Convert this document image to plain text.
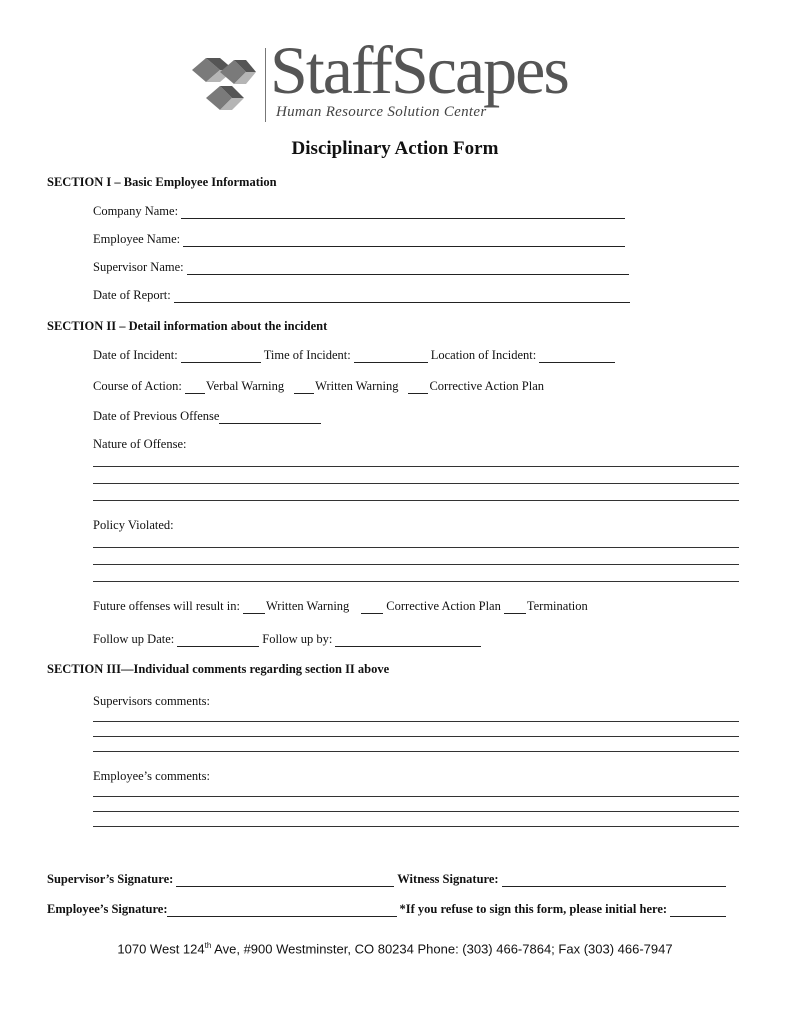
StaffScapes
Human Resource Solution Center
Disciplinary Action Form
SECTION I – Basic Employee Information
Company Name:
Employee Name:
Supervisor Name:
Date of Report:
SECTION II – Detail information about the incident
Date of Incident:	Time of Incident:	Location of Incident:
Course of Action: Verbal Warning Written Warning Corrective Action Plan
Date of Previous Offense
Nature of Offense:
Policy Violated:
Future offenses will result in: Written Warning	Corrective Action Plan Termination
Follow up Date:	Follow up by:
SECTION III—Individual comments regarding section II above
Supervisors comments:
Employee’s comments:
Supervisor’s Signature:	Witness Signature:
Employee’s Signature:	*If you refuse to sign this form, please initial here:
1070 West 124th Ave, #900 Westminster, CO 80234 Phone: (303) 466-7864; Fax (303) 466-7947
